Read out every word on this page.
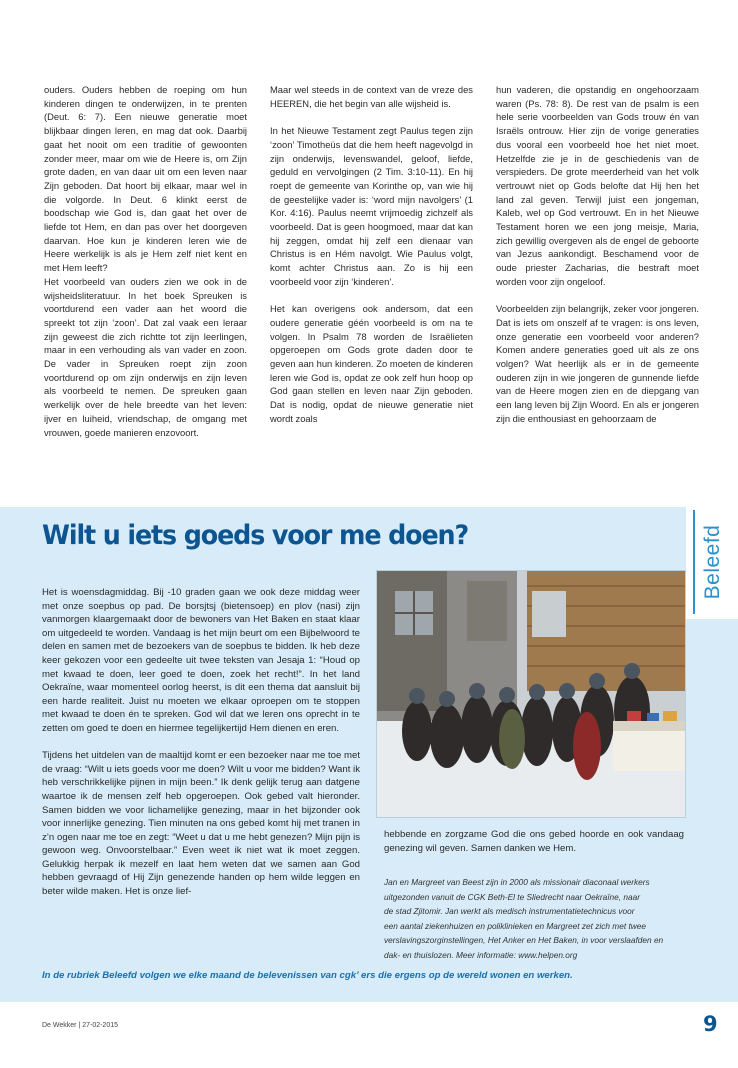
ouders. Ouders hebben de roeping om hun kinderen dingen te onderwijzen, in te prenten (Deut. 6: 7). Een nieuwe generatie moet blijkbaar dingen leren, en mag dat ook. Daarbij gaat het nooit om een traditie of gewoonten zonder meer, maar om wie de Heere is, om Zijn grote daden, en van daar uit om een leven naar Zijn geboden. Dat hoort bij elkaar, maar wel in die volgorde. In Deut. 6 klinkt eerst de boodschap wie God is, dan gaat het over de liefde tot Hem, en dan pas over het doorgeven daarvan. Hoe kun je kinderen leren wie de Heere werkelijk is als je Hem zelf niet kent en met Hem leeft?

Het voorbeeld van ouders zien we ook in de wijsheidsliteratuur. In het boek Spreuken is voortdurend een vader aan het woord die spreekt tot zijn ‘zoon’. Dat zal vaak een leraar zijn geweest die zich richtte tot zijn leerlingen, maar in een verhouding als van vader en zoon. De vader in Spreuken roept zijn zoon voortdurend op om zijn onderwijs en zijn leven als voorbeeld te nemen. De spreuken gaan werkelijk over de hele breedte van het leven: ijver en luiheid, vriendschap, de omgang met vrouwen, goede manieren enzovoort.

Maar wel steeds in de context van de vreze des HEEREN, die het begin van alle wijsheid is.

In het Nieuwe Testament zegt Paulus tegen zijn ‘zoon’ Timotheüs dat die hem heeft nagevolgd in zijn onderwijs, levenswandel, geloof, liefde, geduld en vervolgingen (2 Tim. 3:10-11). En hij roept de gemeente van Korinthe op, van wie hij de geestelijke vader is: ‘word mijn navolgers’ (1 Kor. 4:16). Paulus neemt vrijmoedig zichzelf als voorbeeld. Dat is geen hoogmoed, maar dat kan hij zeggen, omdat hij zelf een dienaar van Christus is en Hém navolgt. Wie Paulus volgt, komt achter Christus aan. Zo is hij een voorbeeld voor zijn ‘kinderen’.

Het kan overigens ook andersom, dat een oudere generatie géén voorbeeld is om na te volgen. In Psalm 78 worden de Israëlieten opgeroepen om Gods grote daden door te geven aan hun kinderen. Zo moeten de kinderen leren wie God is, opdat ze ook zelf hun hoop op God gaan stellen en leven naar Zijn geboden. Dat is nodig, opdat de nieuwe generatie niet wordt zoals

hun vaderen, die opstandig en ongehoorzaam waren (Ps. 78: 8). De rest van de psalm is een hele serie voorbeelden van Gods trouw én van Israëls ontrouw. Hier zijn de vorige generaties dus vooral een voorbeeld hoe het niet moet. Hetzelfde zie je in de geschiedenis van de verspieders. De grote meerderheid van het volk vertrouwt niet op Gods belofte dat Hij hen het land zal geven. Terwijl juist een jongeman, Kaleb, wel op God vertrouwt. En in het Nieuwe Testament horen we een jong meisje, Maria, zich gewillig overgeven als de engel de geboorte van Jezus aankondigt. Beschamend voor de oude priester Zacharias, die bestraft moet worden voor zijn ongeloof.

Voorbeelden zijn belangrijk, zeker voor jongeren. Dat is iets om onszelf af te vragen: is ons leven, onze generatie een voorbeeld voor anderen? Komen andere generaties goed uit als ze ons volgen? Wat heerlijk als er in de gemeente ouderen zijn in wie jongeren de gunnende liefde van de Heere mogen zien en de diepgang van een lang leven bij Zijn Woord. En als er jongeren zijn die enthousiast en gehoorzaam de

Beleefd
Wilt u iets goeds voor me doen?

Het is woensdagmiddag. Bij -10 graden gaan we ook deze middag weer met onze soepbus op pad. De borsjtsj (bietensoep) en plov (nasi) zijn vanmorgen klaargemaakt door de bewoners van Het Baken en staat klaar om uitgedeeld te worden. Vandaag is het mijn beurt om een Bijbelwoord te delen en samen met de bezoekers van de soepbus te bidden. Ik heb deze keer gekozen voor een gedeelte uit twee teksten van Jesaja 1: “Houd op met kwaad te doen, leer goed te doen, zoek het recht!”. In het land Oekraïne, waar momenteel oorlog heerst, is dit een thema dat aansluit bij een harde realiteit. Juist nu moeten we elkaar oproepen om te stoppen met kwaad te doen én te spreken. God wil dat we leren ons oprecht in te zetten om goed te doen en hiermee tegelijkertijd Hem dienen en eren.

Tijdens het uitdelen van de maaltijd komt er een bezoeker naar me toe met de vraag: “Wilt u iets goeds voor me doen? Wilt u voor me bidden? Want ik heb verschrikkelijke pijnen in mijn been.” Ik denk gelijk terug aan datgene waartoe ik de mensen zelf heb opgeroepen. Ook gebed valt hieronder. Samen bidden we voor lichamelijke genezing, maar in het bijzonder ook voor innerlijke genezing. Tien minuten na ons gebed komt hij met tranen in z’n ogen naar me toe en zegt: “Weet u dat u me hebt genezen? Mijn pijn is gewoon weg. Onvoorstelbaar.” Even weet ik niet wat ik moet zeggen. Gelukkig herpak ik mezelf en laat hem weten dat we samen aan God hebben gevraagd of Hij Zijn genezende handen op hem wilde leggen en beter wilde maken. Het is onze lief-

hebbende en zorgzame God die ons gebed hoorde en ook vandaag genezing wil geven. Samen danken we Hem.

Jan en Margreet van Beest zijn in 2000 als missionair diaconaal werkers
uitgezonden vanuit de CGK Beth-El te Sliedrecht naar Oekraïne, naar
de stad Zjitomir. Jan werkt als medisch instrumentatietechnicus voor
een aantal ziekenhuizen en poliklinieken en Margreet zet zich met twee
verslavingszorginstellingen, Het Anker en Het Baken, in voor verslaafden en
dak- en thuislozen. Meer informatie: www.helpen.org

In de rubriek Beleefd volgen we elke maand de belevenissen van cgk’ ers die ergens op de wereld wonen en werken.

De Wekker | 27-02-2015	9
